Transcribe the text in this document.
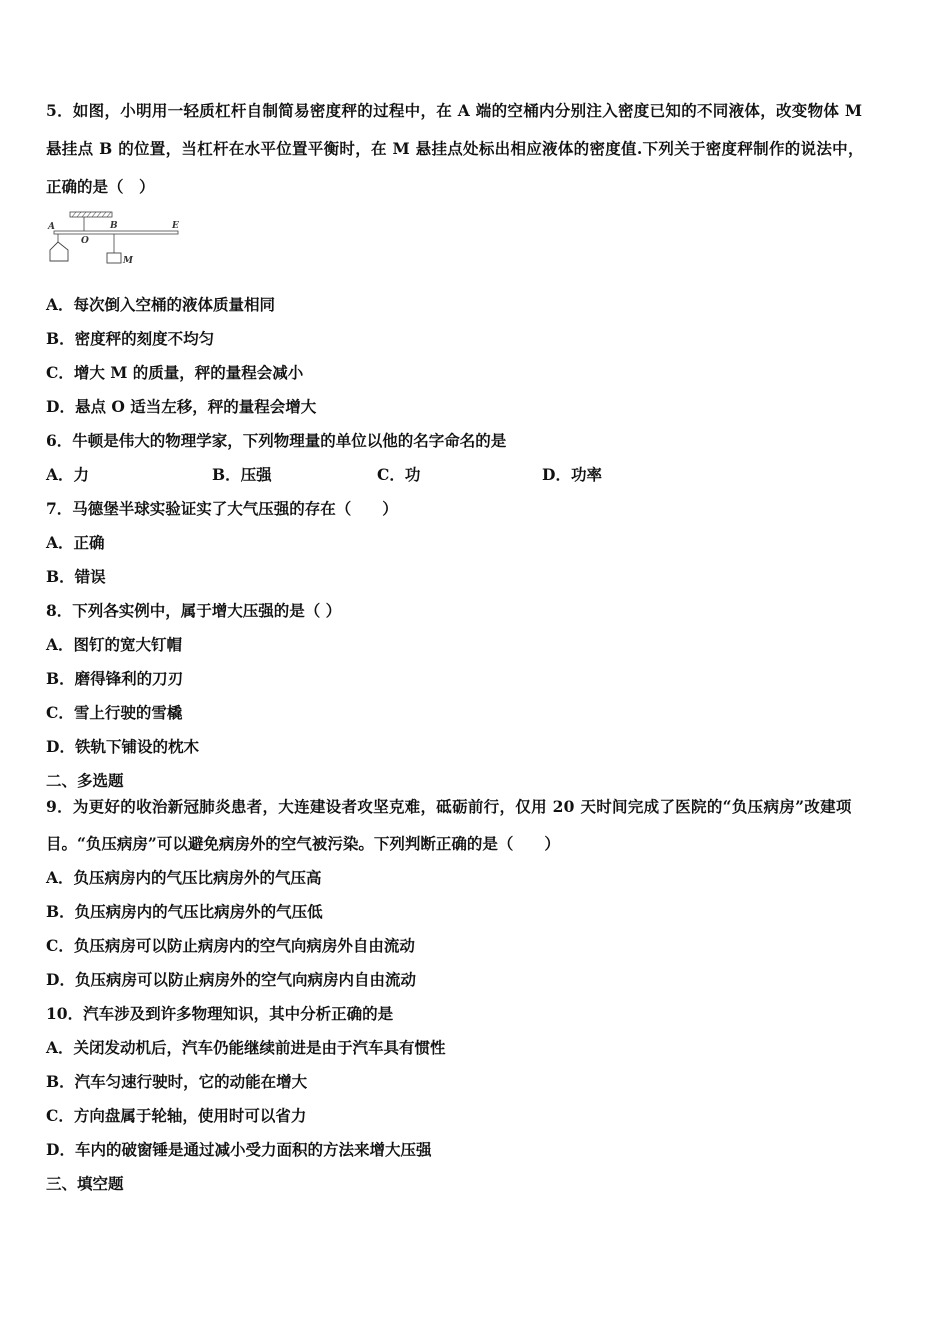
5．如图，小明用一轻质杠杆自制简易密度秤的过程中，在 A 端的空桶内分别注入密度已知的不同液体，改变物体 M
悬挂点 B 的位置，当杠杆在水平位置平衡时，在 M 悬挂点处标出相应液体的密度值.下列关于密度秤制作的说法中，
正确的是（　）
A
O
B	E
M
A．每次倒入空桶的液体质量相同
B．密度秤的刻度不均匀
C．增大 M 的质量，秤的量程会减小
D．悬点 O 适当左移，秤的量程会增大
6．牛顿是伟大的物理学家，下列物理量的单位以他的名字命名的是
A．力	B．压强	C．功	D．功率
7．马德堡半球实验证实了大气压强的存在（　　）
A．正确
B．错误
8．下列各实例中，属于增大压强的是（ ）
A．图钉的宽大钉帽
B．磨得锋利的刀刃
C．雪上行驶的雪橇
D．铁轨下铺设的枕木
二、多选题
9．为更好的收治新冠肺炎患者，大连建设者攻坚克难，砥砺前行，仅用 20 天时间完成了医院的“负压病房”改建项
目。“负压病房”可以避免病房外的空气被污染。下列判断正确的是（　　）
A．负压病房内的气压比病房外的气压高
B．负压病房内的气压比病房外的气压低
C．负压病房可以防止病房内的空气向病房外自由流动
D．负压病房可以防止病房外的空气向病房内自由流动
10．汽车涉及到许多物理知识，其中分析正确的是
A．关闭发动机后，汽车仍能继续前进是由于汽车具有惯性
B．汽车匀速行驶时，它的动能在增大
C．方向盘属于轮轴，使用时可以省力
D．车内的破窗锤是通过减小受力面积的方法来增大压强
三、填空题
